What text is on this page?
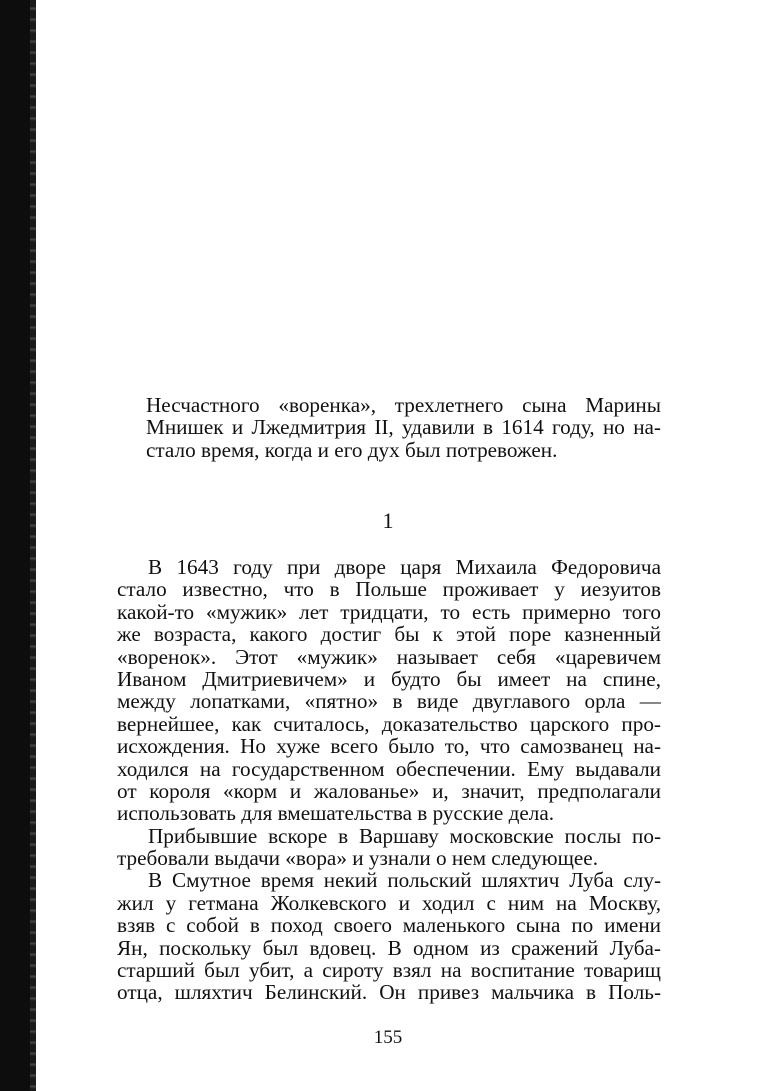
Несчастного «воренка», трехлетнего сына Марины
Мнишек и Лжедмитрия II, удавили в 1614 году, но на-
стало время, когда и его дух был потревожен.
1
В 1643 году при дворе царя Михаила Федоровича
стало известно, что в Польше проживает у иезуитов
какой-то «мужик» лет тридцати, то есть примерно того
же возраста, какого достиг бы к этой поре казненный
«воренок». Этот «мужик» называет себя «царевичем
Иваном Дмитриевичем» и будто бы имеет на спине,
между лопатками, «пятно» в виде двуглавого орла —
вернейшее, как считалось, доказательство царского про-
исхождения. Но хуже всего было то, что самозванец на-
ходился на государственном обеспечении. Ему выдавали
от короля «корм и жалованье» и, значит, предполагали
использовать для вмешательства в русские дела.
Прибывшие вскоре в Варшаву московские послы по-
требовали выдачи «вора» и узнали о нем следующее.
В Смутное время некий польский шляхтич Луба слу-
жил у гетмана Жолкевского и ходил с ним на Москву,
взяв с собой в поход своего маленького сына по имени
Ян, поскольку был вдовец. В одном из сражений Луба-
старший был убит, а сироту взял на воспитание товарищ
отца, шляхтич Белинский. Он привез мальчика в Поль-
155
